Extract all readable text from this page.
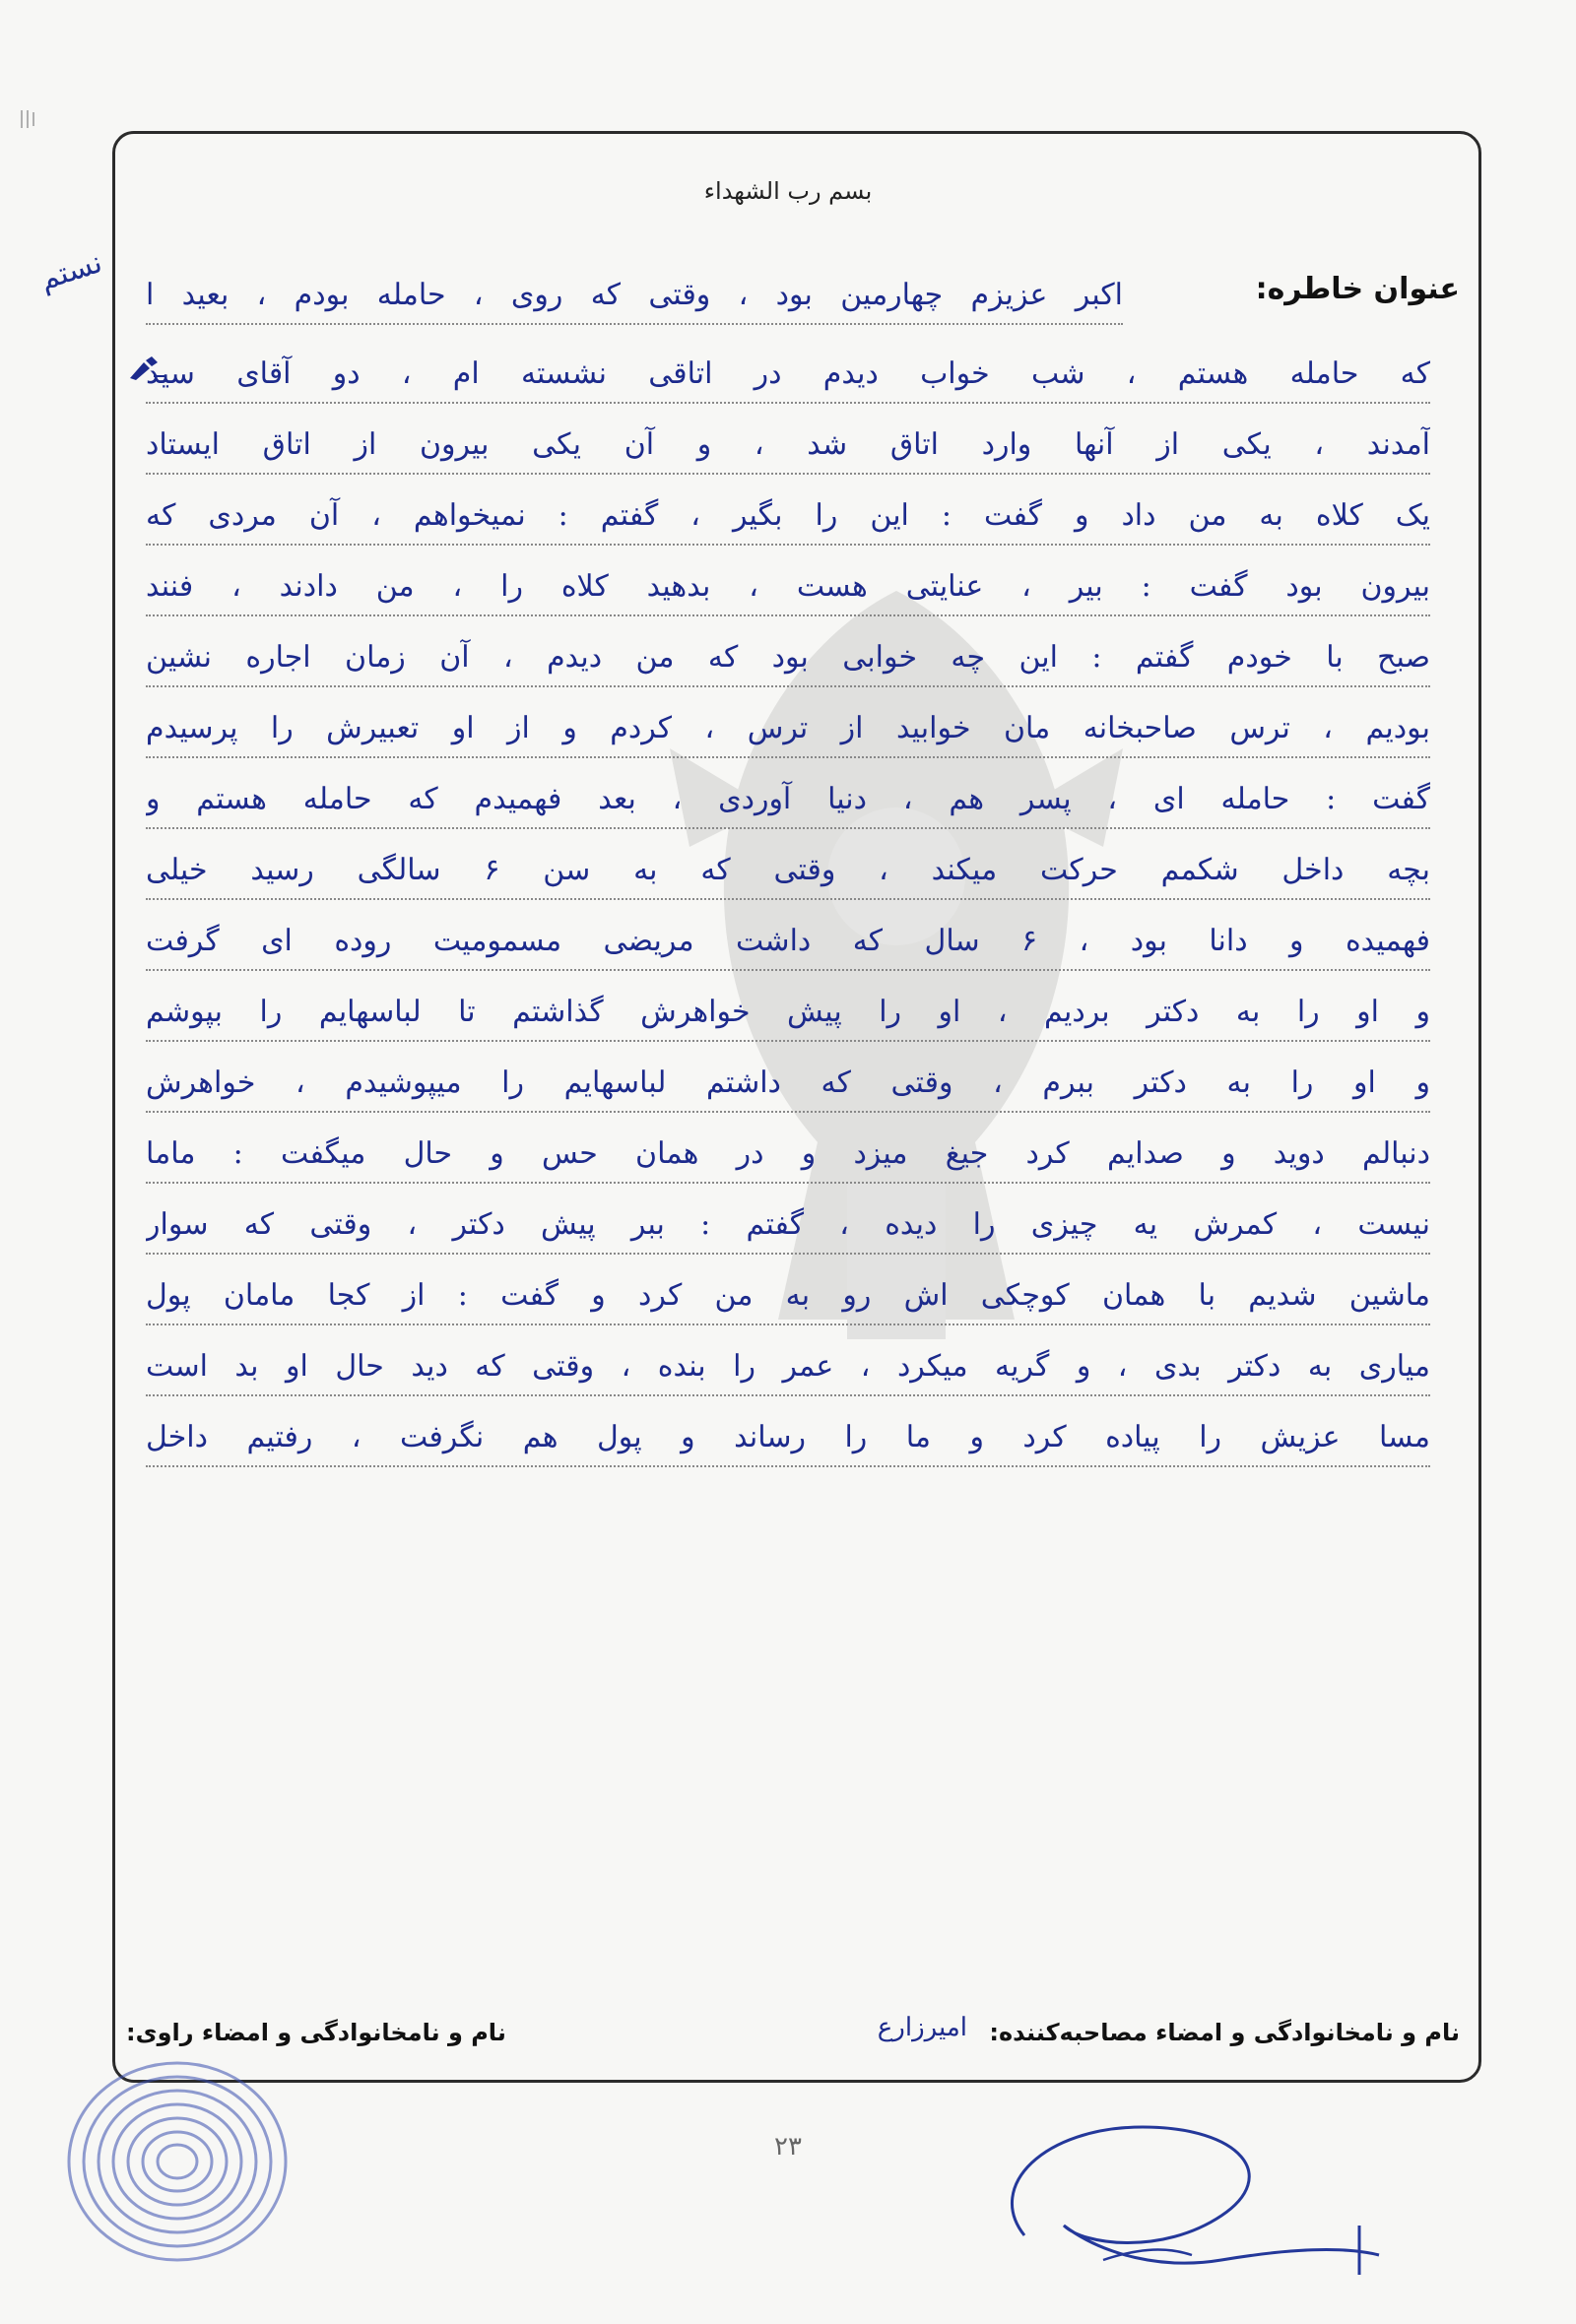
بسم رب الشهداء
عنوان خاطره:
نستم اکبر عزیزم چهارمین بود ، وقتی که روی ، حامله بودم ، بعید ا
که حامله هستم ، شب خواب دیدم در اتاقی نشسته ام ، دو آقای سید
آمدند ، یکی از آنها وارد اتاق شد ، و آن یکی بیرون از اتاق ایستاد
یک کلاه به من داد و گفت : این را بگیر ، گفتم : نمیخواهم ، آن مردی که
بیرون بود گفت : بیر ، عنایتی هست ، بدهید کلاه را ، من دادند ، فنند
صبح با خودم گفتم : این چه خوابی بود که من دیدم ، آن زمان اجاره نشین
بودیم ، ترس صاحبخانه مان خوابید از ترس ، کردم و از او تعبیرش را پرسیدم
گفت : حامله ای ، پسر هم ، دنیا آوردی ، بعد فهمیدم که حامله هستم و
بچه داخل شکمم حرکت میکند ، وقتی که به سن ۶ سالگی رسید خیلی
فهمیده و دانا بود ، ۶ سال که داشت مریضی مسمومیت روده ای گرفت
و او را به دکتر بردیم ، او را پیش خواهرش گذاشتم تا لباسهایم را بپوشم
و او را به دکتر ببرم ، وقتی که داشتم لباسهایم را میپوشیدم ، خواهرش
دنبالم دوید و صدایم کرد جیغ میزد و در همان حس و حال میگفت : ماما
نیست ، کمرش یه چیزی را دیده ، گفتم : ببر پیش دکتر ، وقتی که سوار
ماشین شدیم با همان کوچکی اش رو به من کرد و گفت : از کجا مامان پول
میاری به دکتر بدی ، و گریه میکرد ، عمر را بنده ، وقتی که دید حال او بد است
مسا عزیش را پیاده کرد و ما را رساند و پول هم نگرفت ، رفتیم داخل
نام و نامخانوادگی و امضاء مصاحبه‌کننده:
امیرزارع
نام و نامخانوادگی و امضاء راوی:
۲۳
